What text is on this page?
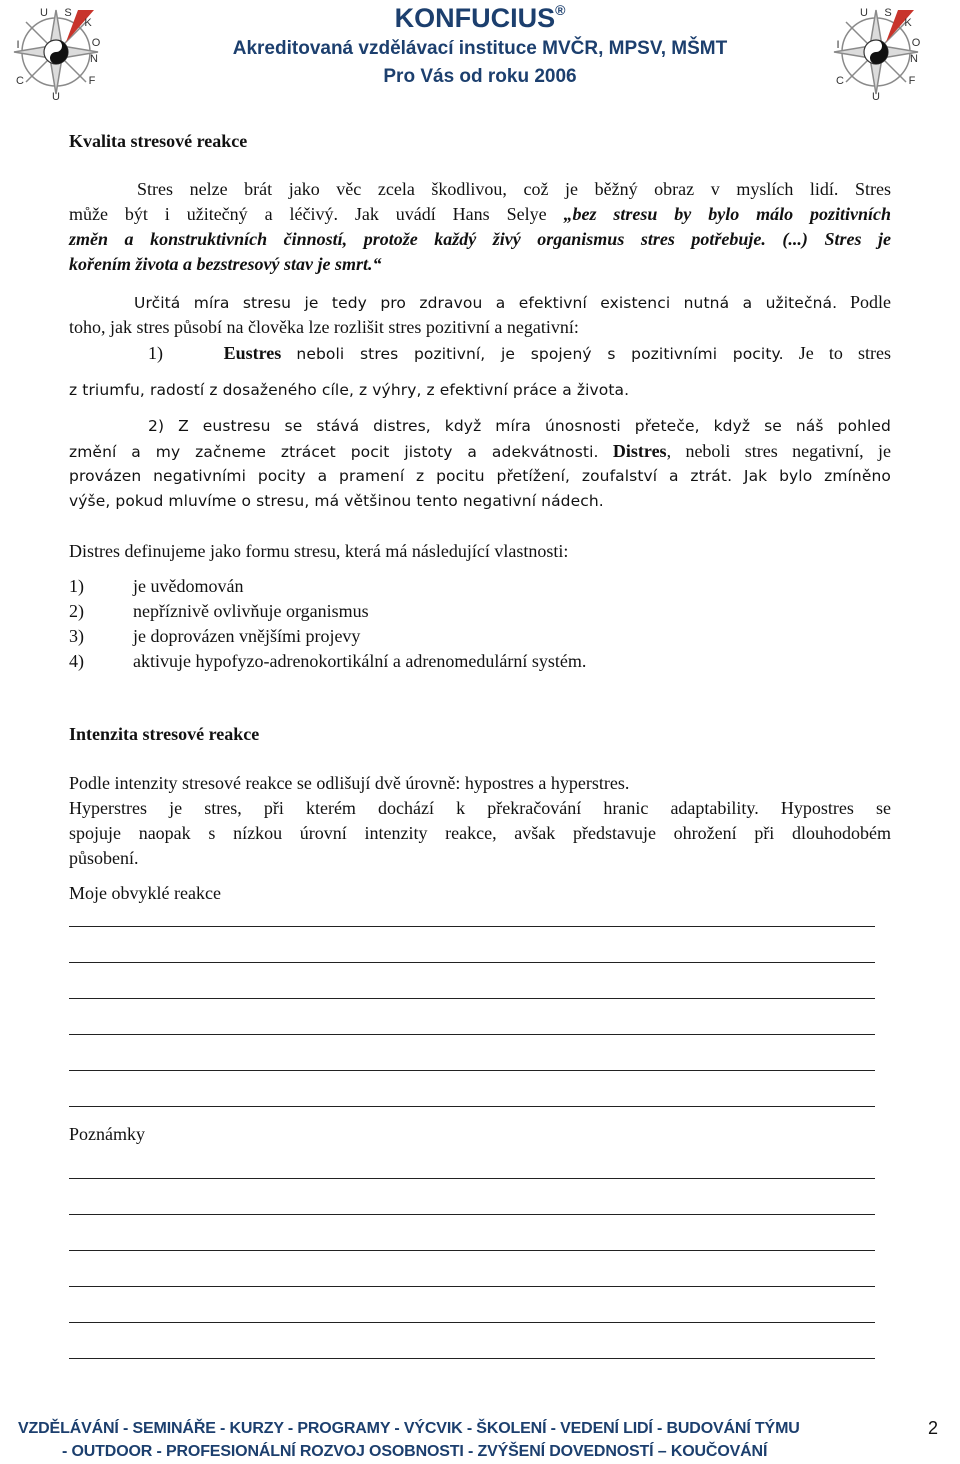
U S
K
O
I
N
C	F
U
U S
K
O
I
N
C	F
U
KONFUCIUS®
Akreditovaná vzdělávací instituce MVČR, MPSV, MŠMT
Pro Vás od roku 2006
Kvalita stresové reakce
Stres nelze brát jako věc zcela škodlivou, což je běžný obraz v myslích lidí. Stres
může být i užitečný a léčivý. Jak uvádí Hans Selye „bez stresu by bylo málo pozitivních
změn a konstruktivních činností, protože každý živý organismus stres potřebuje. (...) Stres je
kořením života a bezstresový stav je smrt.“
Určitá míra stresu je tedy pro zdravou a efektivní existenci nutná a užitečná. Podle
toho, jak stres působí na člověka lze rozlišit stres pozitivní a negativní:
1)	Eustres neboli stres pozitivní, je spojený s pozitivními pocity. Je to stres
z triumfu, radostí z dosaženého cíle, z výhry, z efektivní práce a života.
2) Z eustresu se stává distres, když míra únosnosti přeteče, když se náš pohled
změní a my začneme ztrácet pocit jistoty a adekvátnosti. Distres, neboli stres negativní, je
provázen negativními pocity a pramení z pocitu přetížení, zoufalství a ztrát. Jak bylo zmíněno
výše, pokud mluvíme o stresu, má většinou tento negativní nádech.
Distres definujeme jako formu stresu, která má následující vlastnosti:
1)	je uvědomován
2)	nepříznivě ovlivňuje organismus
3)	je doprovázen vnějšími projevy
4)	aktivuje hypofyzo-adrenokortikální a adrenomedulární systém.
Intenzita stresové reakce
Podle intenzity stresové reakce se odlišují dvě úrovně: hypostres a hyperstres.
Hyperstres je stres, při kterém dochází k překračování hranic adaptability. Hypostres se
spojuje naopak s nízkou úrovní intenzity reakce, avšak představuje ohrožení při dlouhodobém
působení.
Moje obvyklé reakce
Poznámky
VZDĚLÁVÁNÍ - SEMINÁŘE - KURZY - PROGRAMY - VÝCVIK - ŠKOLENÍ - VEDENÍ LIDÍ - BUDOVÁNÍ TÝMU
- OUTDOOR - PROFESIONÁLNÍ ROZVOJ OSOBNOSTI - ZVÝŠENÍ DOVEDNOSTÍ – KOUČOVÁNÍ
2
